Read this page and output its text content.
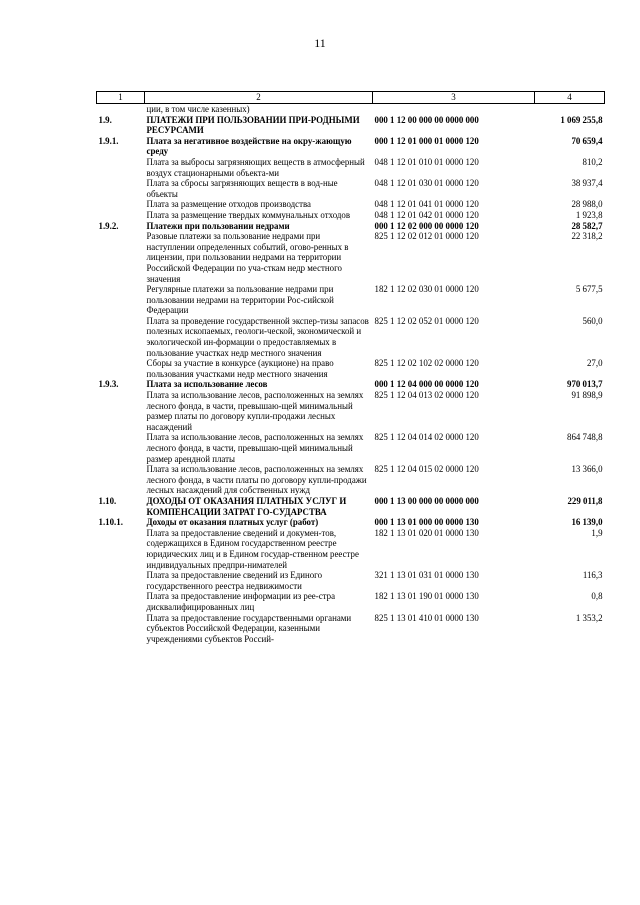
11
1	2	3	4
	ции, в том числе казенных)		
1.9.	ПЛАТЕЖИ ПРИ ПОЛЬЗОВАНИИ ПРИ-РОДНЫМИ РЕСУРСАМИ	000 1 12 00 000 00 0000 000	1 069 255,8
1.9.1.	Плата за негативное воздействие на окру-жающую среду	000 1 12 01 000 01 0000 120	70 659,4
	Плата за выбросы загрязняющих веществ в атмосферный воздух стационарными объекта-ми	048 1 12 01 010 01 0000 120	810,2
	Плата за сбросы загрязняющих веществ в вод-ные объекты	048 1 12 01 030 01 0000 120	38 937,4
	Плата за размещение отходов производства	048 1 12 01 041 01 0000 120	28 988,0
	Плата за размещение твердых коммунальных отходов	048 1 12 01 042 01 0000 120	1 923,8
1.9.2.	Платежи при пользовании недрами	000 1 12 02 000 00 0000 120	28 582,7
	Разовые платежи за пользование недрами при наступлении определенных событий, огово-ренных в лицензии, при пользовании недрами на территории Российской Федерации по уча-сткам недр местного значения	825 1 12 02 012 01 0000 120	22 318,2
	Регулярные платежи за пользование недрами при пользовании недрами на территории Рос-сийской Федерации	182 1 12 02 030 01 0000 120	5 677,5
	Плата за проведение государственной экспер-тизы запасов полезных ископаемых, геологи-ческой, экономической и экологической ин-формации о предоставляемых в пользование участках недр местного значения	825 1 12 02 052 01 0000 120	560,0
	Сборы за участие в конкурсе (аукционе) на право пользования участками недр местного значения	825 1 12 02 102 02 0000 120	27,0
1.9.3.	Плата за использование лесов	000 1 12 04 000 00 0000 120	970 013,7
	Плата за использование лесов, расположенных на землях лесного фонда, в части, превышаю-щей минимальный размер платы по договору купли-продажи лесных насаждений	825 1 12 04 013 02 0000 120	91 898,9
	Плата за использование лесов, расположенных на землях лесного фонда, в части, превышаю-щей минимальный размер арендной платы	825 1 12 04 014 02 0000 120	864 748,8
	Плата за использование лесов, расположенных на землях лесного фонда, в части платы по договору купли-продажи лесных насаждений для собственных нужд	825 1 12 04 015 02 0000 120	13 366,0
1.10.	ДОХОДЫ ОТ ОКАЗАНИЯ ПЛАТНЫХ УСЛУГ И КОМПЕНСАЦИИ ЗАТРАТ ГО-СУДАРСТВА	000 1 13 00 000 00 0000 000	229 011,8
1.10.1.	Доходы от оказания платных услуг (работ)	000 1 13 01 000 00 0000 130	16 139,0
	Плата за предоставление сведений и докумен-тов, содержащихся в Едином государственном реестре юридических лиц и в Едином государ-ственном реестре индивидуальных предпри-нимателей	182 1 13 01 020 01 0000 130	1,9
	Плата за предоставление сведений из Единого государственного реестра недвижимости	321 1 13 01 031 01 0000 130	116,3
	Плата за предоставление информации из рее-стра дисквалифицированных лиц	182 1 13 01 190 01 0000 130	0,8
	Плата за предоставление государственными органами субъектов Российской Федерации, казенными учреждениями субъектов Россий-	825 1 13 01 410 01 0000 130	1 353,2
